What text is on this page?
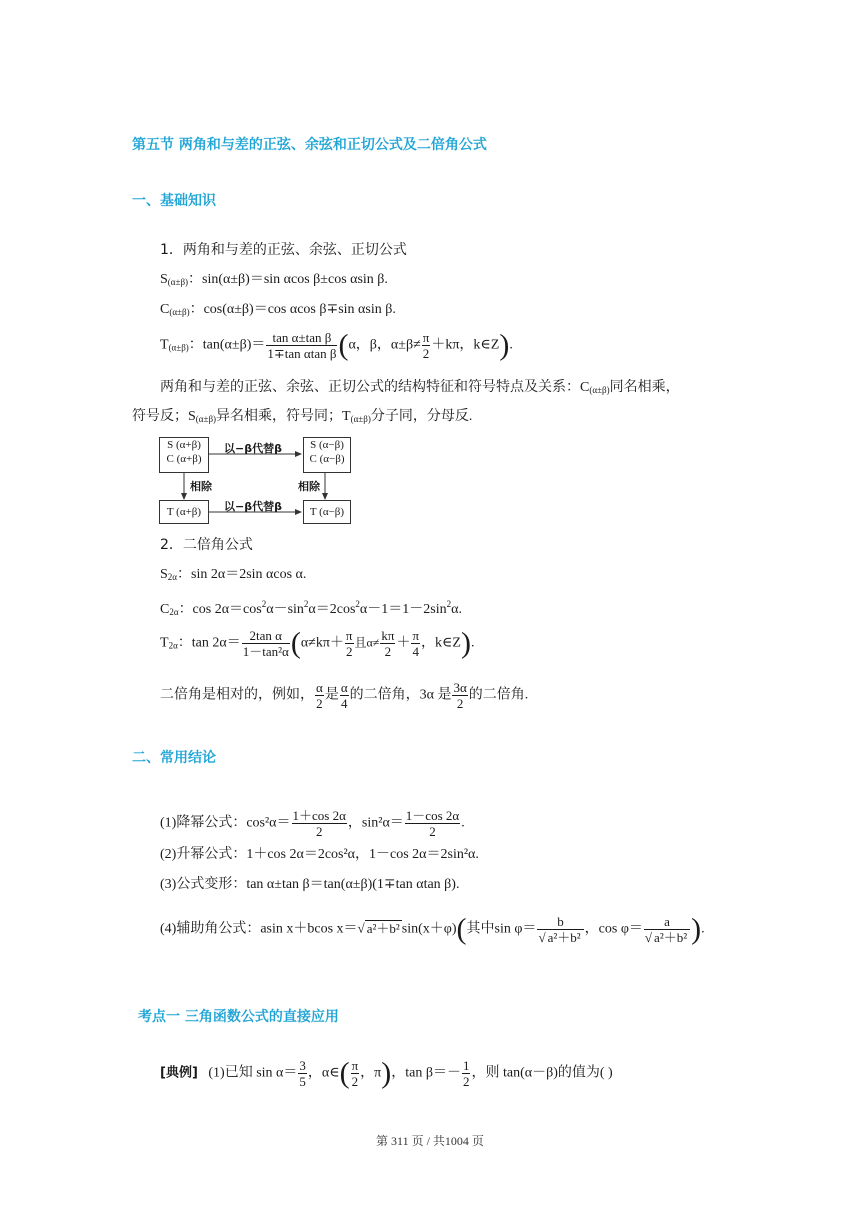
第五节 两角和与差的正弦、余弦和正切公式及二倍角公式
一、基础知识
1．两角和与差的正弦、余弦、正切公式
$S_{(\alpha\pm\beta)}$：sin(α±β)＝sin αcos β±cos αsin β.
$C_{(\alpha\pm\beta)}$：cos(α±β)＝cos αcos β∓sin αsin β.
$T_{(\alpha\pm\beta)}$：$\tan(\alpha\pm\beta)= \frac{\text{tan α±tan β}}{\text{1∓tan αtan β}} (\alpha$，β，$\alpha\pm\beta\ne \frac{\pi}{2} +k\pi$，k∈Z).
两角和与差的正弦、余弦、正切公式的结构特征和符号特点及关系：$C_{(\alpha\pm\beta)}$同名相乘，
符号反；$S_{(\alpha\pm\beta)}$异名相乘，符号同；$T_{(\alpha\pm\beta)}$分子同，分母反.
S (α+β)
C (α+β)
S (α−β)
C (α−β)
T (α+β)	T (α−β)
以−β代替β
以−β代替β
相除	相除
2．二倍角公式
$S_{2\alpha}$：sin 2α＝2sin αcos α.
$C_{2\alpha}$：$\cos 2\alpha=\cos^2\alpha-\sin^2\alpha=2\cos^2\alpha-1=1-2\sin^2\alpha$.
$T_{2\alpha}$：$\tan 2\alpha= \frac{\text{2tan α}}{\text{1－tan²α}} (\alpha\ne k\pi+ \frac{\pi}{2}$ 且$\alpha\ne \frac{k\pi}{2} + \frac{\pi}{4}$ ，k∈Z).
二倍角是相对的，例如， $\frac{\alpha}{2}$ 是 $\frac{\alpha}{4}$ 的二倍角，3α 是 $\frac{3\alpha}{2}$ 的二倍角.
二、常用结论
(1)降幂公式：$\cos^2\alpha= \frac{1+\cos 2\alpha}{2}$ ，$\sin^2\alpha= \frac{1-\cos 2\alpha}{2}$ .
(2)升幂公式：1＋cos 2α＝2cos²α，1－cos 2α＝2sin²α.
(3)公式变形：tan α±tan β＝tan(α±β)(1∓tan αtan β).
(4)辅助角公式：asin x＋bcos x＝√ a²＋b² sin(x＋φ)(其中$\sin \varphi= \frac{b}{\text{√ a²＋b²}}$ ，$\cos \varphi= \frac{a}{\text{√ a²＋b²}}$ ).
考点一 三角函数公式的直接应用
[典例] (1)已知 $\sin \alpha= \frac{3}{5}$ ，α∈( $\frac{\pi}{2}$ ，π)，$\tan \beta=- \frac{1}{2}$ ，则 tan(α－β)的值为( )
第 311 页 / 共1004 页
